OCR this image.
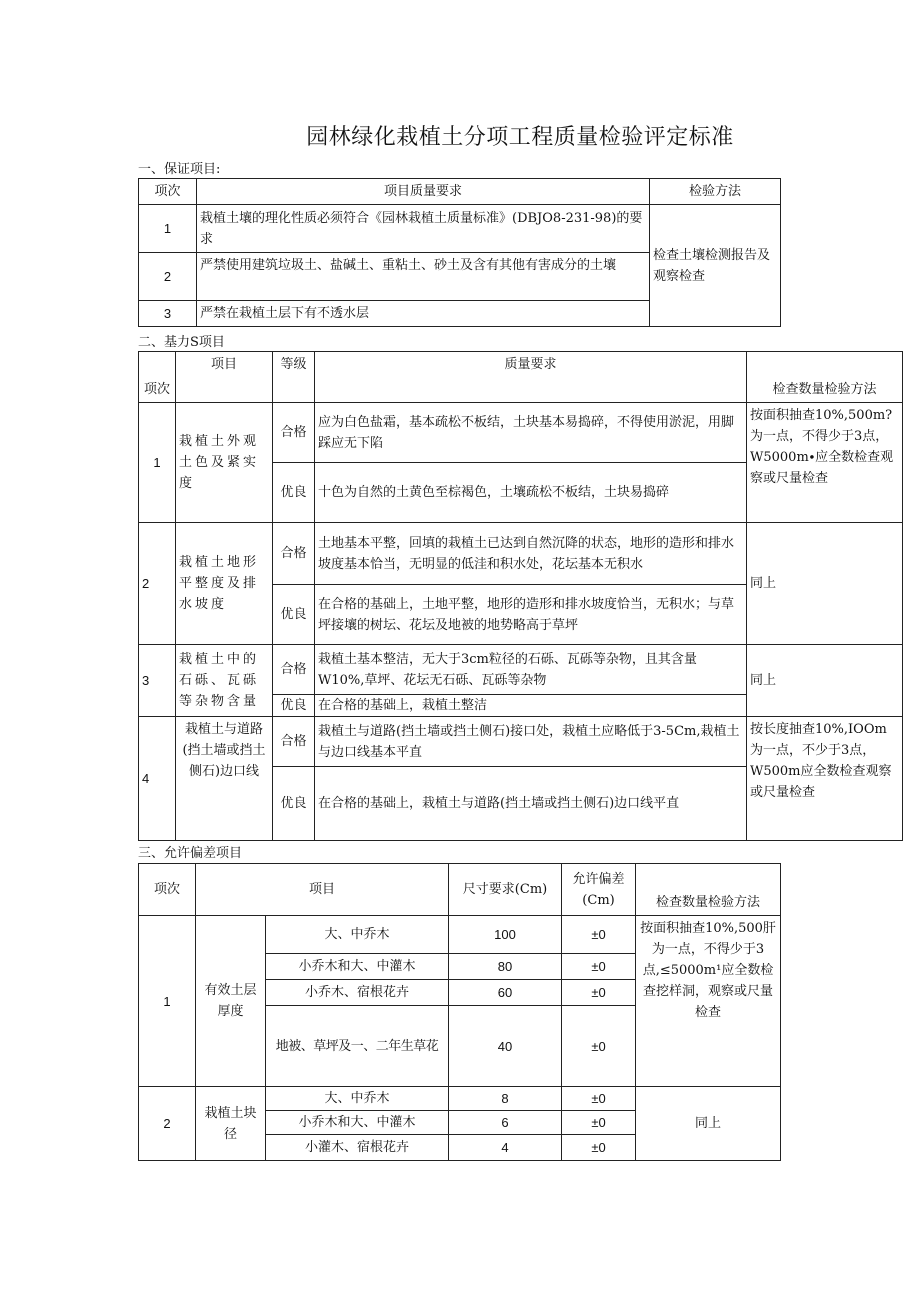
园林绿化栽植土分项工程质量检验评定标准
一、保证项目:
项次	项目质量要求	检验方法
1	栽植土壤的理化性质必须符合《园林栽植土质量标准》(DBJO8-231-98)的要求	检查土壤检测报告及观察检查
2	严禁使用建筑垃圾土、盐碱土、重粘土、砂土及含有其他有害成分的土壤	
3	严禁在栽植土层下有不透水层	
二、基力S项目
项次	项目	等级	质量要求	检查数量检验方法
1	栽植土外观土色及紧实度	合格	应为白色盐霜，基本疏松不板结，土块基本易捣碎，不得使用淤泥，用脚踩应无下陷	按面积抽查10%,500m?为一点，不得少于3点，W5000m∙应全数检查观察或尺量检查
		优良	十色为自然的土黄色至棕褐色，土壤疏松不板结，土块易捣碎	
2	栽植土地形平整度及排水坡度	合格	土地基本平整，回填的栽植土已达到自然沉降的状态，地形的造形和排水坡度基本恰当，无明显的低洼和积水处，花坛基本无积水	同上
		优良	在合格的基础上，土地平整，地形的造形和排水坡度恰当，无积水；与草坪接壤的树坛、花坛及地被的地势略高于草坪	
3	栽植土中的石砾、瓦砾等杂物含量	合格	栽植土基本整洁，无大于3cm粒径的石砾、瓦砾等杂物，且其含量W10%,草坪、花坛无石砾、瓦砾等杂物	同上
		优良	在合格的基础上，栽植土整洁	
4	栽植土与道路(挡土墙或挡土侧石)边口线	合格	栽植土与道路(挡土墙或挡土侧石)接口处，栽植土应略低于3-5Cm,栽植土与边口线基本平直	按长度抽查10%,IOOm为一点，不少于3点，W500m应全数检查观察或尺量检查
		优良	在合格的基础上，栽植土与道路(挡土墙或挡土侧石)边口线平直	
三、允许偏差项目
项次	项目		尺寸要求(Cm)	允许偏差(Cm)	检查数量检验方法
1	有效土层厚度	大、中乔木	100	±0	按面积抽查10%,500肝为一点，不得少于3点,≤5000m¹应全数检查挖样洞，观察或尺量检查
		小乔木和大、中灌木	80	±0	
		小乔木、宿根花卉	60	±0	
		地被、草坪及一、二年生草花	40	±0	
2	栽植土块径	大、中乔木	8	±0	同上
		小乔木和大、中灌木	6	±0	
		小灌木、宿根花卉	4	±0	
